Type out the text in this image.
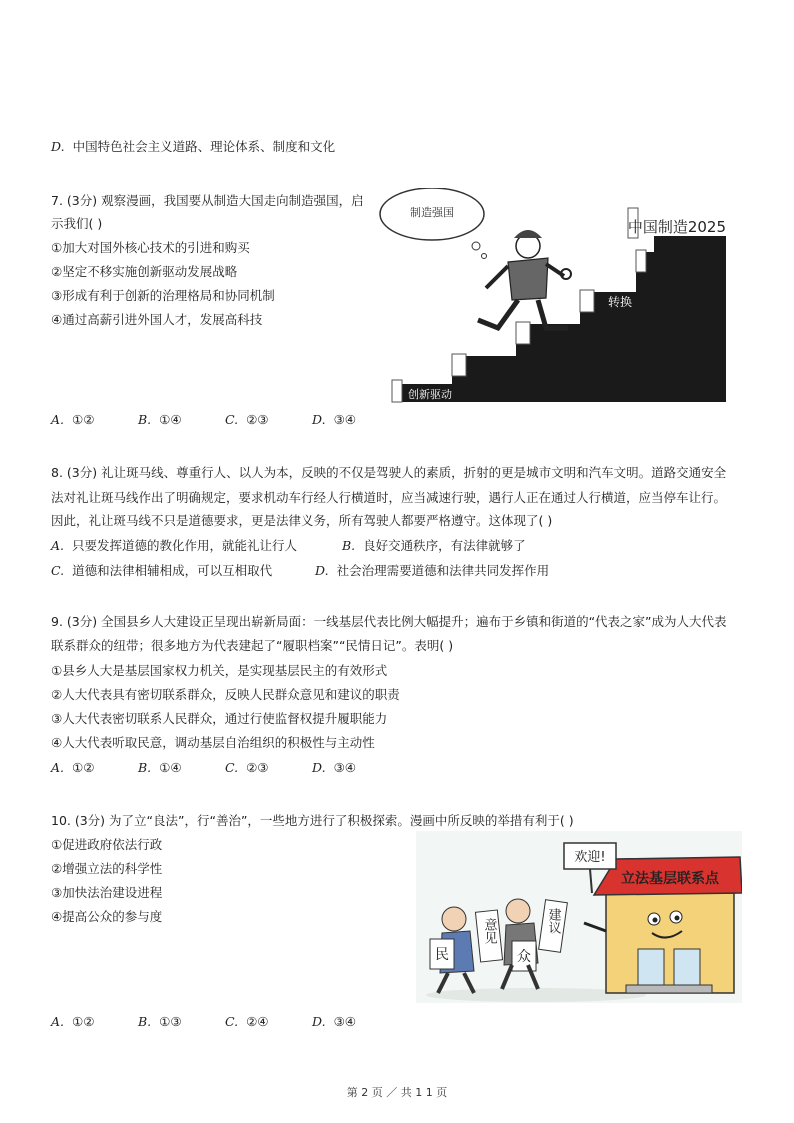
D. 中国特色社会主义道路、理论体系、制度和文化
7. (3分) 观察漫画，我国要从制造大国走向制造强国，启
示我们( )
①加大对国外核心技术的引进和购买
②坚定不移实施创新驱动发展战略
③形成有利于创新的治理格局和协同机制
④通过高薪引进外国人才，发展高科技
制造强国
中国制造2025
转换
创新驱动
A. ①②	B. ①④	C. ②③	D. ③④
8. (3分) 礼让斑马线、尊重行人、以人为本，反映的不仅是驾驶人的素质，折射的更是城市文明和汽车文明。道路交通安全
法对礼让斑马线作出了明确规定，要求机动车行经人行横道时，应当减速行驶，遇行人正在通过人行横道，应当停车让行。
因此，礼让斑马线不只是道德要求，更是法律义务，所有驾驶人都要严格遵守。这体现了( )
A. 只要发挥道德的教化作用，就能礼让行人	B. 良好交通秩序，有法律就够了
C. 道德和法律相辅相成，可以互相取代	D. 社会治理需要道德和法律共同发挥作用
9. (3分) 全国县乡人大建设正呈现出崭新局面：一线基层代表比例大幅提升；遍布于乡镇和街道的“代表之家”成为人大代表
联系群众的纽带；很多地方为代表建起了“履职档案”“民情日记”。表明( )
①县乡人大是基层国家权力机关，是实现基层民主的有效形式
②人大代表具有密切联系群众，反映人民群众意见和建议的职责
③人大代表密切联系人民群众，通过行使监督权提升履职能力
④人大代表听取民意，调动基层自治组织的积极性与主动性
A. ①②	B. ①④	C. ②③	D. ③④
10. (3分) 为了立“良法”，行“善治”，一些地方进行了积极探索。漫画中所反映的举措有利于( )
①促进政府依法行政
②增强立法的科学性
③加快法治建设进程
④提高公众的参与度
立法基层联系点
欢迎!
民
意见
众
建议
A. ①②	B. ①③	C. ②④	D. ③④
第 2 页 ／ 共 1 1 页
